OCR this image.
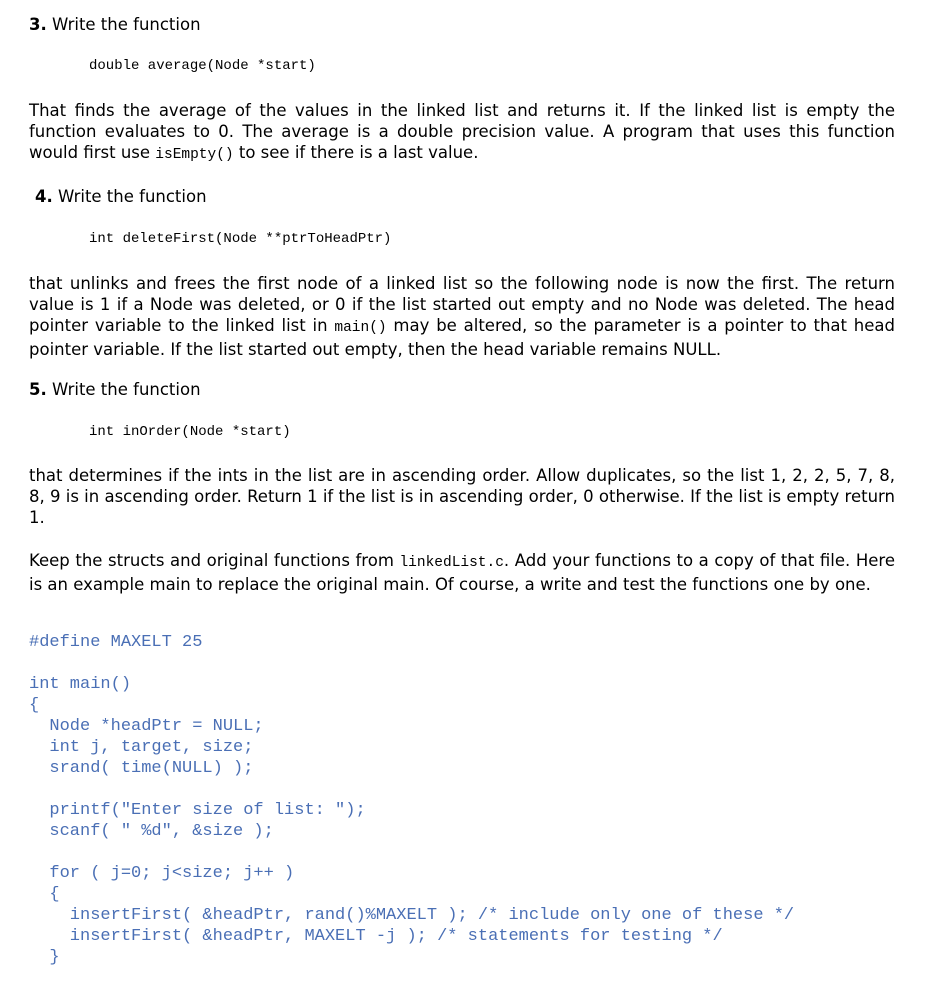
3. Write the function

double average(Node *start)

That finds the average of the values in the linked list and returns it. If the linked list is empty the function evaluates to 0. The average is a double precision value. A program that uses this function would first use isEmpty() to see if there is a last value.

4. Write the function

int deleteFirst(Node **ptrToHeadPtr)

that unlinks and frees the first node of a linked list so the following node is now the first. The return value is 1 if a Node was deleted, or 0 if the list started out empty and no Node was deleted. The head pointer variable to the linked list in main() may be altered, so the parameter is a pointer to that head pointer variable. If the list started out empty, then the head variable remains NULL.

5. Write the function

int inOrder(Node *start)

that determines if the ints in the list are in ascending order. Allow duplicates, so the list 1, 2, 2, 5, 7, 8, 8, 9 is in ascending order. Return 1 if the list is in ascending order, 0 otherwise. If the list is empty return 1.

Keep the structs and original functions from linkedList.c. Add your functions to a copy of that file. Here is an example main to replace the original main. Of course, a write and test the functions one by one.

#define MAXELT 25
int main()
{
Node *headPtr = NULL;
int j, target, size;
srand( time(NULL) );

printf("Enter size of list: ");
scanf( " %d", &size );

for ( j=0; j<size; j++ )
{
insertFirst( &headPtr, rand()%MAXELT ); /* include only one of these */
insertFirst( &headPtr, MAXELT -j ); /* statements for testing */
}
